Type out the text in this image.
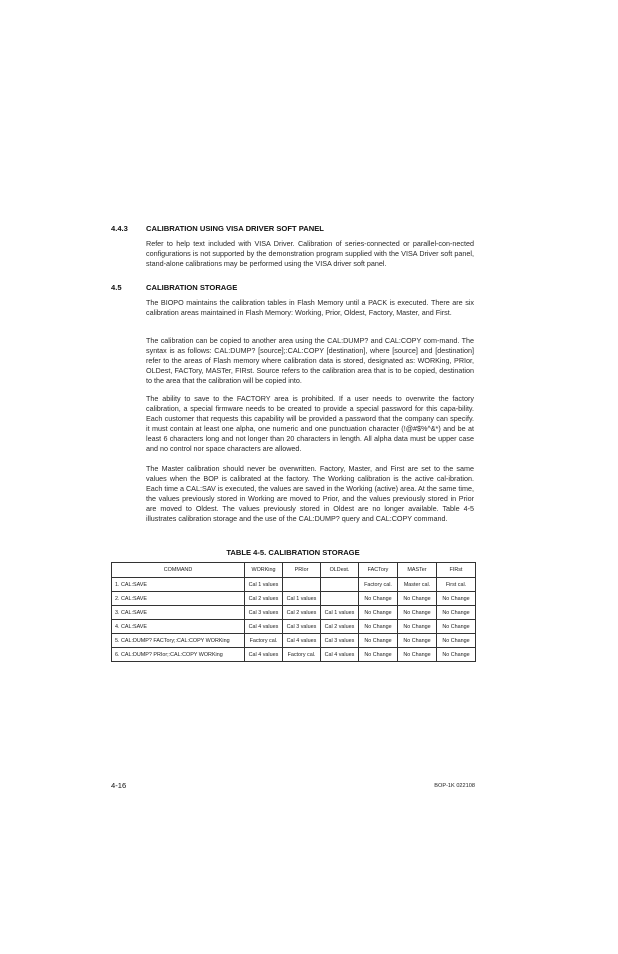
4.4.3 CALIBRATION USING VISA DRIVER SOFT PANEL

Refer to help text included with VISA Driver. Calibration of series-connected or parallel-con-nected configurations is not supported by the demonstration program supplied with the VISA Driver soft panel, stand-alone calibrations may be performed using the VISA driver soft panel.

4.5	CALIBRATION STORAGE

The BIOPO maintains the calibration tables in Flash Memory until a PACK is executed. There are six calibration areas maintained in Flash Memory: Working, Prior, Oldest, Factory, Master, and First.

The calibration can be copied to another area using the CAL:DUMP? and CAL:COPY com-mand. The syntax is as follows: CAL:DUMP? [source];:CAL:COPY [destination], where [source] and [destination] refer to the areas of Flash memory where calibration data is stored, designated as: WORKing, PRIor, OLDest, FACTory, MASTer, FIRst. Source refers to the calibration area that is to be copied, destination to the area that the calibration will be copied into.

The ability to save to the FACTORY area is prohibited. If a user needs to overwrite the factory calibration, a special firmware needs to be created to provide a special password for this capa-bility. Each customer that requests this capability will be provided a password that the company can specify. it must contain at least one alpha, one numeric and one punctuation character (!@#$%^&*) and be at least 6 characters long and not longer than 20 characters in length. All alpha data must be upper case and no control nor space characters are allowed.

The Master calibration should never be overwritten. Factory, Master, and First are set to the same values when the BOP is calibrated at the factory. The Working calibration is the active cal-ibration. Each time a CAL:SAV is executed, the values are saved in the Working (active) area. At the same time, the values previously stored in Working are moved to Prior, and the values previously stored in Prior are moved to Oldest. The values previously stored in Oldest are no longer available. Table 4-5 illustrates calibration storage and the use of the CAL:DUMP? query and CAL:COPY command.

TABLE 4-5. CALIBRATION STORAGE
COMMAND	WORKing	PRIor	OLDest.	FACTory	MASTer	FIRst
1. CAL:SAVE	Cal 1 values			Factory cal.	Master cal.	First cal.
2. CAL:SAVE	Cal 2 values	Cal 1 values		No Change	No Change	No Change
3. CAL:SAVE	Cal 3 values	Cal 2 values	Cal 1 values	No Change	No Change	No Change
4. CAL:SAVE	Cal 4 values	Cal 3 values	Cal 2 values	No Change	No Change	No Change
5. CAL:DUMP? FACTory;:CAL:COPY WORKing	Factory cal.	Cal 4 values	Cal 3 values	No Change	No Change	No Change
6. CAL:DUMP? PRIor;:CAL:COPY WORKing	Cal 4 values	Factory cal.	Cal 4 values	No Change	No Change	No Change
4-16	BOP-1K 022108
